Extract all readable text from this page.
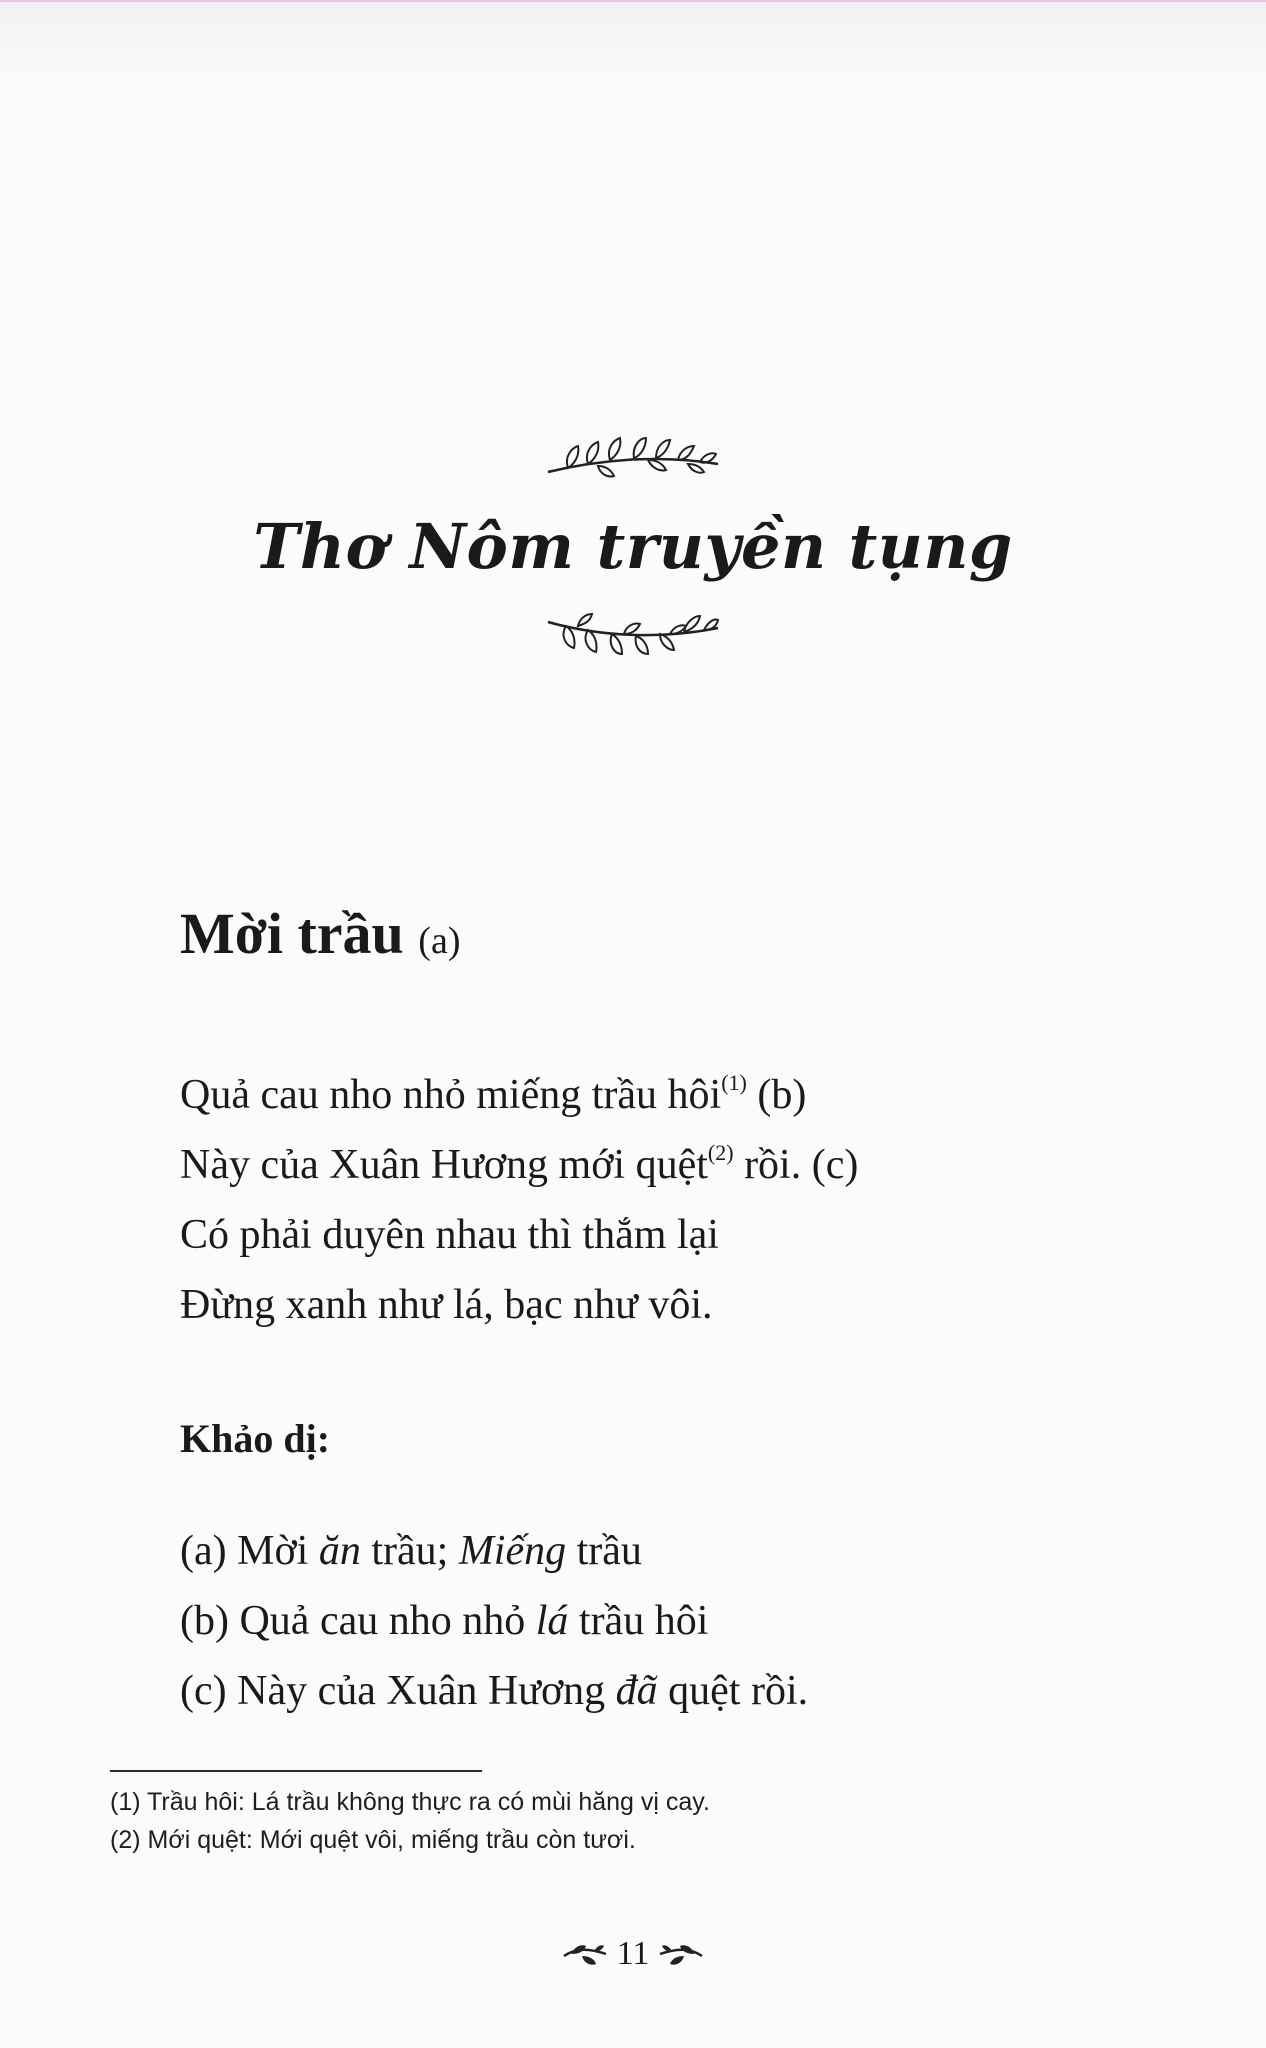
Thơ Nôm truyền tụng
Mời trầu (a)
Quả cau nho nhỏ miếng trầu hôi$^{(1)}$ (b)
Này của Xuân Hương mới quệt$^{(2)}$ rồi. (c)
Có phải duyên nhau thì thắm lại
Đừng xanh như lá, bạc như vôi.
Khảo dị:
(a) Mời ăn trầu; Miếng trầu
(b) Quả cau nho nhỏ lá trầu hôi
(c) Này của Xuân Hương đã quệt rồi.
(1) Trầu hôi: Lá trầu không thực ra có mùi hăng vị cay.
(2) Mới quệt: Mới quệt vôi, miếng trầu còn tươi.
11
